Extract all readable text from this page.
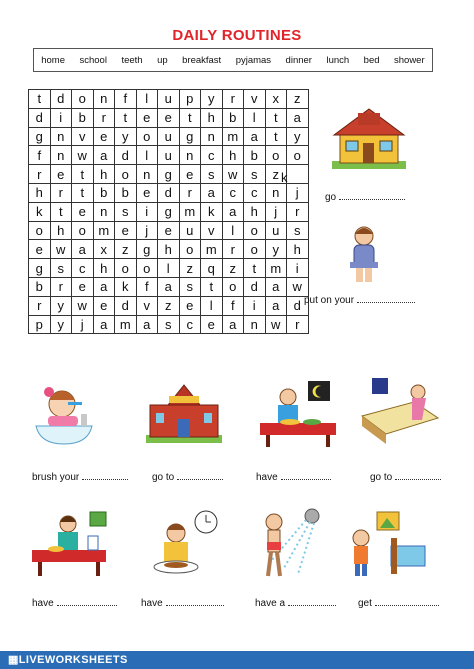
DAILY ROUTINES
home school teeth up breakfast pyjamas dinner lunch bed shower
t	d	o	n	f	l	u	p	y	r	v	x	z
d	i	b	r	t	e	e	t	h	b	l	t	a
g	n	v	e	y	o	u	g	n	m	a	t	y
f	n	w	a	d	l	u	n	c	h	b	o	o
r	e	t	h	o	n	g	e	s	w	s	z	
h	r	t	b	b	e	d	r	a	c	c	n	j
k	t	e	n	s	i	g	m	k	a	h	j	r
o	h	o	m	e	j	e	u	v	l	o	u	s
e	w	a	x	z	g	h	o	m	r	o	y	h
g	s	c	h	o	o	l	z	q	z	t	m	i
b	r	e	a	k	f	a	s	t	o	d	a	w
r	y	w	e	d	v	z	e	l	f	i	a	d
p	y	j	a	m	a	s	c	e	a	n	w	r
k
go
put on your
brush your	go to	have	go to
have	have	have a	get
▦LIVEWORKSHEETS
